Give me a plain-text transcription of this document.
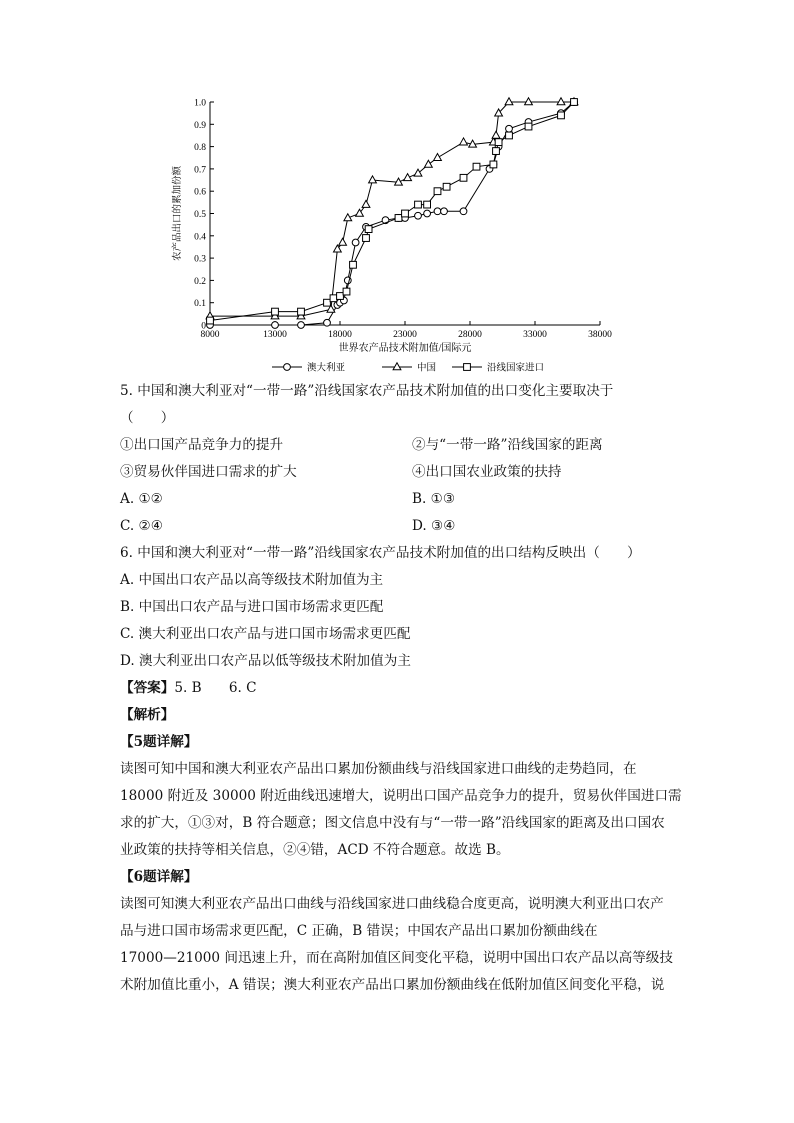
8000	13000	18000	23000	28000	33000	38000
0
0.1
0.2
0.3
0.4
0.5
0.6
0.7
0.8
0.9
1.0
世界农产品技术附加值/国际元
农产品出口的累加份额
澳大利亚	中国	沿线国家进口
5. 中国和澳大利亚对“一带一路”沿线国家农产品技术附加值的出口变化主要取决于
（　　）
①出口国产品竞争力的提升	②与“一带一路”沿线国家的距离
③贸易伙伴国进口需求的扩大	④出口国农业政策的扶持
A. ①②	B. ①③
C. ②④	D. ③④
6. 中国和澳大利亚对“一带一路”沿线国家农产品技术附加值的出口结构反映出（　　）
A. 中国出口农产品以高等级技术附加值为主
B. 中国出口农产品与进口国市场需求更匹配
C. 澳大利亚出口农产品与进口国市场需求更匹配
D. 澳大利亚出口农产品以低等级技术附加值为主
【答案】5. B　　6. C
【解析】
【5题详解】
读图可知中国和澳大利亚农产品出口累加份额曲线与沿线国家进口曲线的走势趋同，在
18000 附近及 30000 附近曲线迅速增大，说明出口国产品竞争力的提升，贸易伙伴国进口需
求的扩大，①③对，B 符合题意；图文信息中没有与“一带一路”沿线国家的距离及出口国农
业政策的扶持等相关信息，②④错，ACD 不符合题意。故选 B。
【6题详解】
读图可知澳大利亚农产品出口曲线与沿线国家进口曲线稳合度更高，说明澳大利亚出口农产
品与进口国市场需求更匹配，C 正确，B 错误；中国农产品出口累加份额曲线在
17000—21000 间迅速上升，而在高附加值区间变化平稳，说明中国出口农产品以高等级技
术附加值比重小，A 错误；澳大利亚农产品出口累加份额曲线在低附加值区间变化平稳，说
